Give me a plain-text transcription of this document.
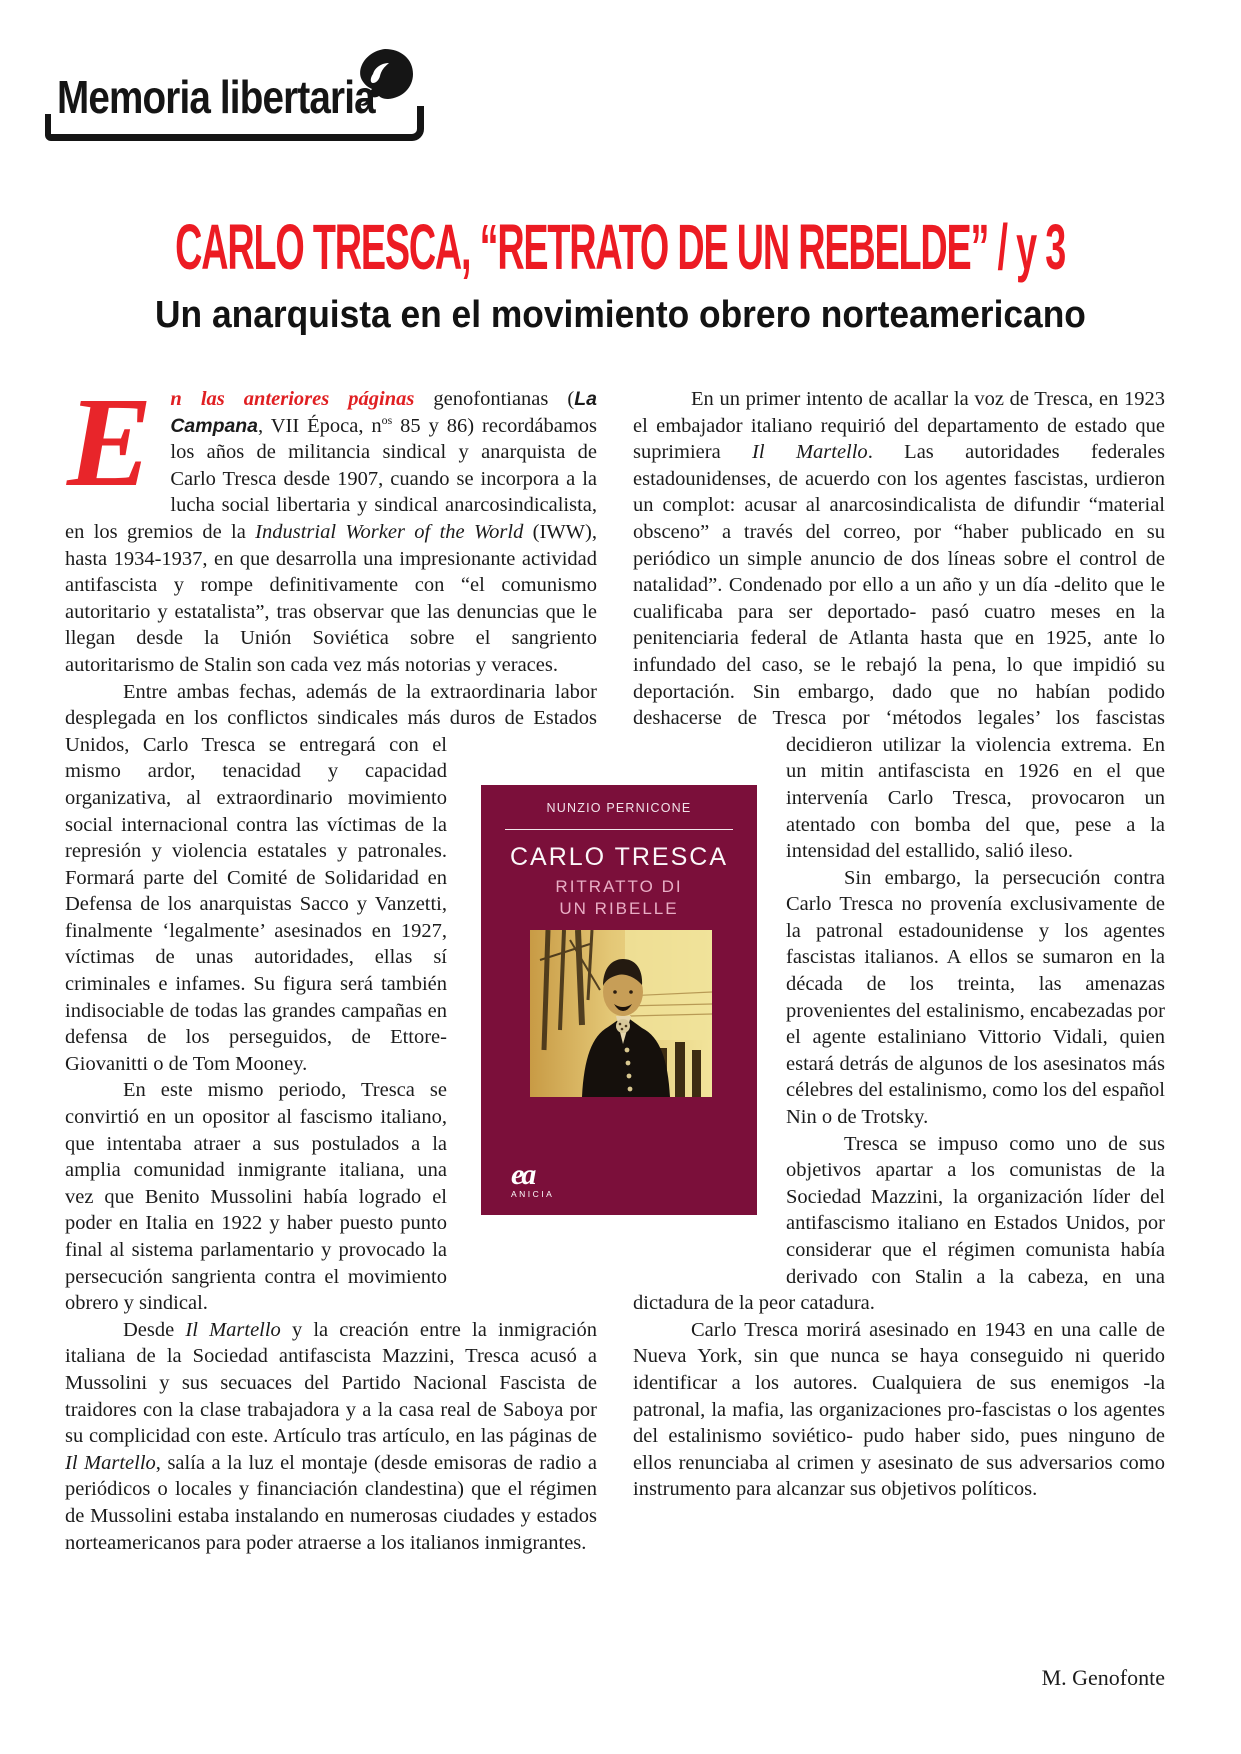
Memoria libertaria
CARLO TRESCA, “RETRATO DE UN REBELDE” / y 3
Un anarquista en el movimiento obrero norteamericano

En las anteriores páginas genofontianas (La Campana, VII Época, $n^{os}$ 85 y 86) recordábamos los años de militancia sindical y anarquista de Carlo Tresca desde 1907, cuando se incorpora a la lucha social libertaria y sindical anarcosindicalista, en los gremios de la Industrial Worker of the World (IWW), hasta 1934-1937, en que desarrolla una impresionante actividad antifascista y rompe definitivamente con “el comunismo autoritario y estatalista”, tras observar que las denuncias que le llegan desde la Unión Soviética sobre el sangriento autoritarismo de Stalin son cada vez más notorias y veraces.

Entre ambas fechas, además de la extraordinaria labor desplegada en los conflictos sindicales más duros de Estados Unidos, Carlo Tresca se entregará con el mismo ardor, tenacidad y capacidad organizativa, al extraordinario movimiento social internacional contra las víctimas de la represión y violencia estatales y patronales. Formará parte del Comité de Solidaridad en Defensa de los anarquistas Sacco y Vanzetti, finalmente ‘legalmente’ asesinados en 1927, víctimas de unas autoridades, ellas sí criminales e infames. Su figura será también indisociable de todas las grandes campañas en defensa de los perseguidos, de Ettore-Giovanitti o de Tom Mooney.

En este mismo periodo, Tresca se convirtió en un opositor al fascismo italiano, que intentaba atraer a sus postulados a la amplia comunidad inmigrante italiana, una vez que Benito Mussolini había logrado el poder en Italia en 1922 y haber puesto punto final al sistema parlamentario y provocado la persecución sangrienta contra el movimiento obrero y sindical.

Desde Il Martello y la creación entre la inmigración italiana de la Sociedad antifascista Mazzini, Tresca acusó a Mussolini y sus secuaces del Partido Nacional Fascista de traidores con la clase trabajadora y a la casa real de Saboya por su complicidad con este. Artículo tras artículo, en las páginas de Il Martello, salía a la luz el montaje (desde emisoras de radio a periódicos o locales y financiación clandestina) que el régimen de Mussolini estaba instalando en numerosas ciudades y estados norteamericanos para poder atraerse a los italianos inmigrantes.

En un primer intento de acallar la voz de Tresca, en 1923 el embajador italiano requirió del departamento de estado que suprimiera Il Martello. Las autoridades federales estadounidenses, de acuerdo con los agentes fascistas, urdieron un complot: acusar al anarcosindicalista de difundir “material obsceno” a través del correo, por “haber publicado en su periódico un simple anuncio de dos líneas sobre el control de natalidad”. Condenado por ello a un año y un día -delito que le cualificaba para ser deportado- pasó cuatro meses en la penitenciaria federal de Atlanta hasta que en 1925, ante lo infundado del caso, se le rebajó la pena, lo que impidió su deportación. Sin embargo, dado que no habían podido deshacerse de Tresca por ‘métodos legales’ los fascistas decidieron utilizar la violencia extrema. En un mitin antifascista en 1926 en el que intervenía Carlo Tresca, provocaron un atentado con bomba del que, pese a la intensidad del estallido, salió ileso.

Sin embargo, la persecución contra Carlo Tresca no provenía exclusivamente de la patronal estadounidense y los agentes fascistas italianos. A ellos se sumaron en la década de los treinta, las amenazas provenientes del estalinismo, encabezadas por el agente estaliniano Vittorio Vidali, quien estará detrás de algunos de los asesinatos más célebres del estalinismo, como los del español Nin o de Trotsky.

Tresca se impuso como uno de sus objetivos apartar a los comunistas de la Sociedad Mazzini, la organización líder del antifascismo italiano en Estados Unidos, por considerar que el régimen comunista había derivado con Stalin a la cabeza, en una dictadura de la peor catadura.

Carlo Tresca morirá asesinado en 1943 en una calle de Nueva York, sin que nunca se haya conseguido ni querido identificar a los autores. Cualquiera de sus enemigos -la patronal, la mafia, las organizaciones pro-fascistas o los agentes del estalinismo soviético- pudo haber sido, pues ninguno de ellos renunciaba al crimen y asesinato de sus adversarios como instrumento para alcanzar sus objetivos políticos.

M. Genofonte
NUNZIO PERNICONE
CARLO TRESCA
RITRATTO DI
UN RIBELLE
ea
ANICIA
